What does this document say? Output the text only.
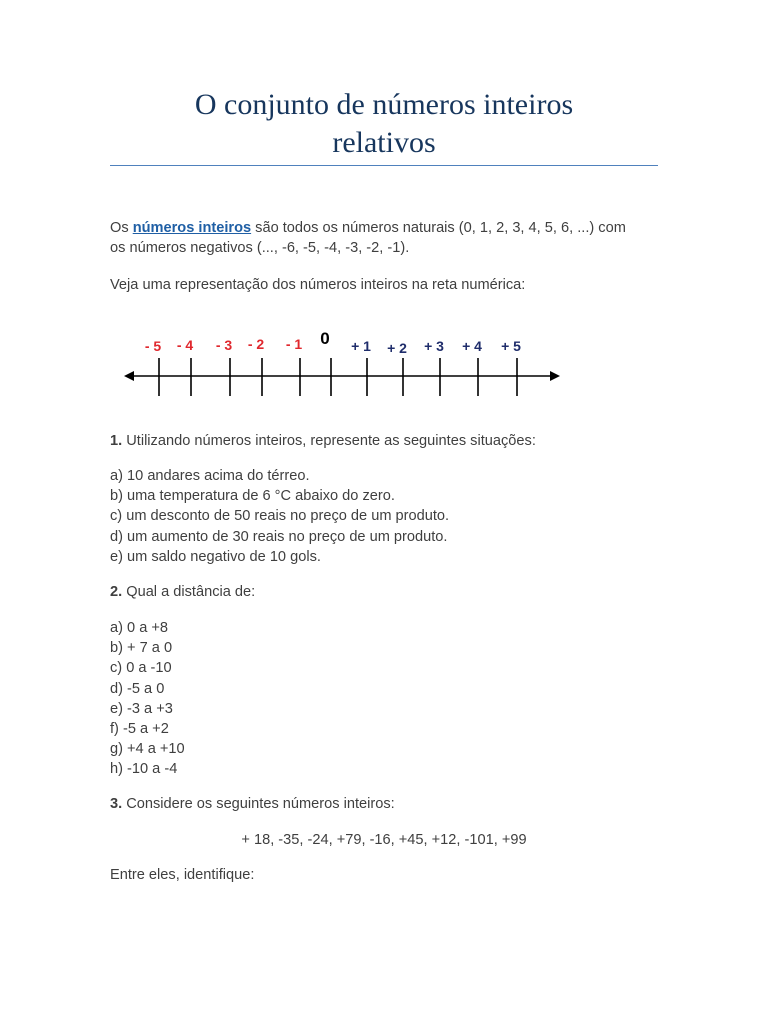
O conjunto de números inteiros
relativos

Os números inteiros são todos os números naturais (0, 1, 2, 3, 4, 5, 6, ...) com
os números negativos (..., -6, -5, -4, -3, -2, -1).

Veja uma representação dos números inteiros na reta numérica:

- 5 - 4 - 3 - 2 - 1 0 + 1 + 2 + 3 + 4 + 5

1. Utilizando números inteiros, represente as seguintes situações:

a) 10 andares acima do térreo.
b) uma temperatura de 6 °C abaixo do zero.
c) um desconto de 50 reais no preço de um produto.
d) um aumento de 30 reais no preço de um produto.
e) um saldo negativo de 10 gols.

2. Qual a distância de:

a) 0 a +8
b) + 7 a 0
c) 0 a -10
d) -5 a 0
e) -3 a +3
f) -5 a +2
g) +4 a +10
h) -10 a -4

3. Considere os seguintes números inteiros:

+ 18, -35, -24, +79, -16, +45, +12, -101, +99

Entre eles, identifique:
